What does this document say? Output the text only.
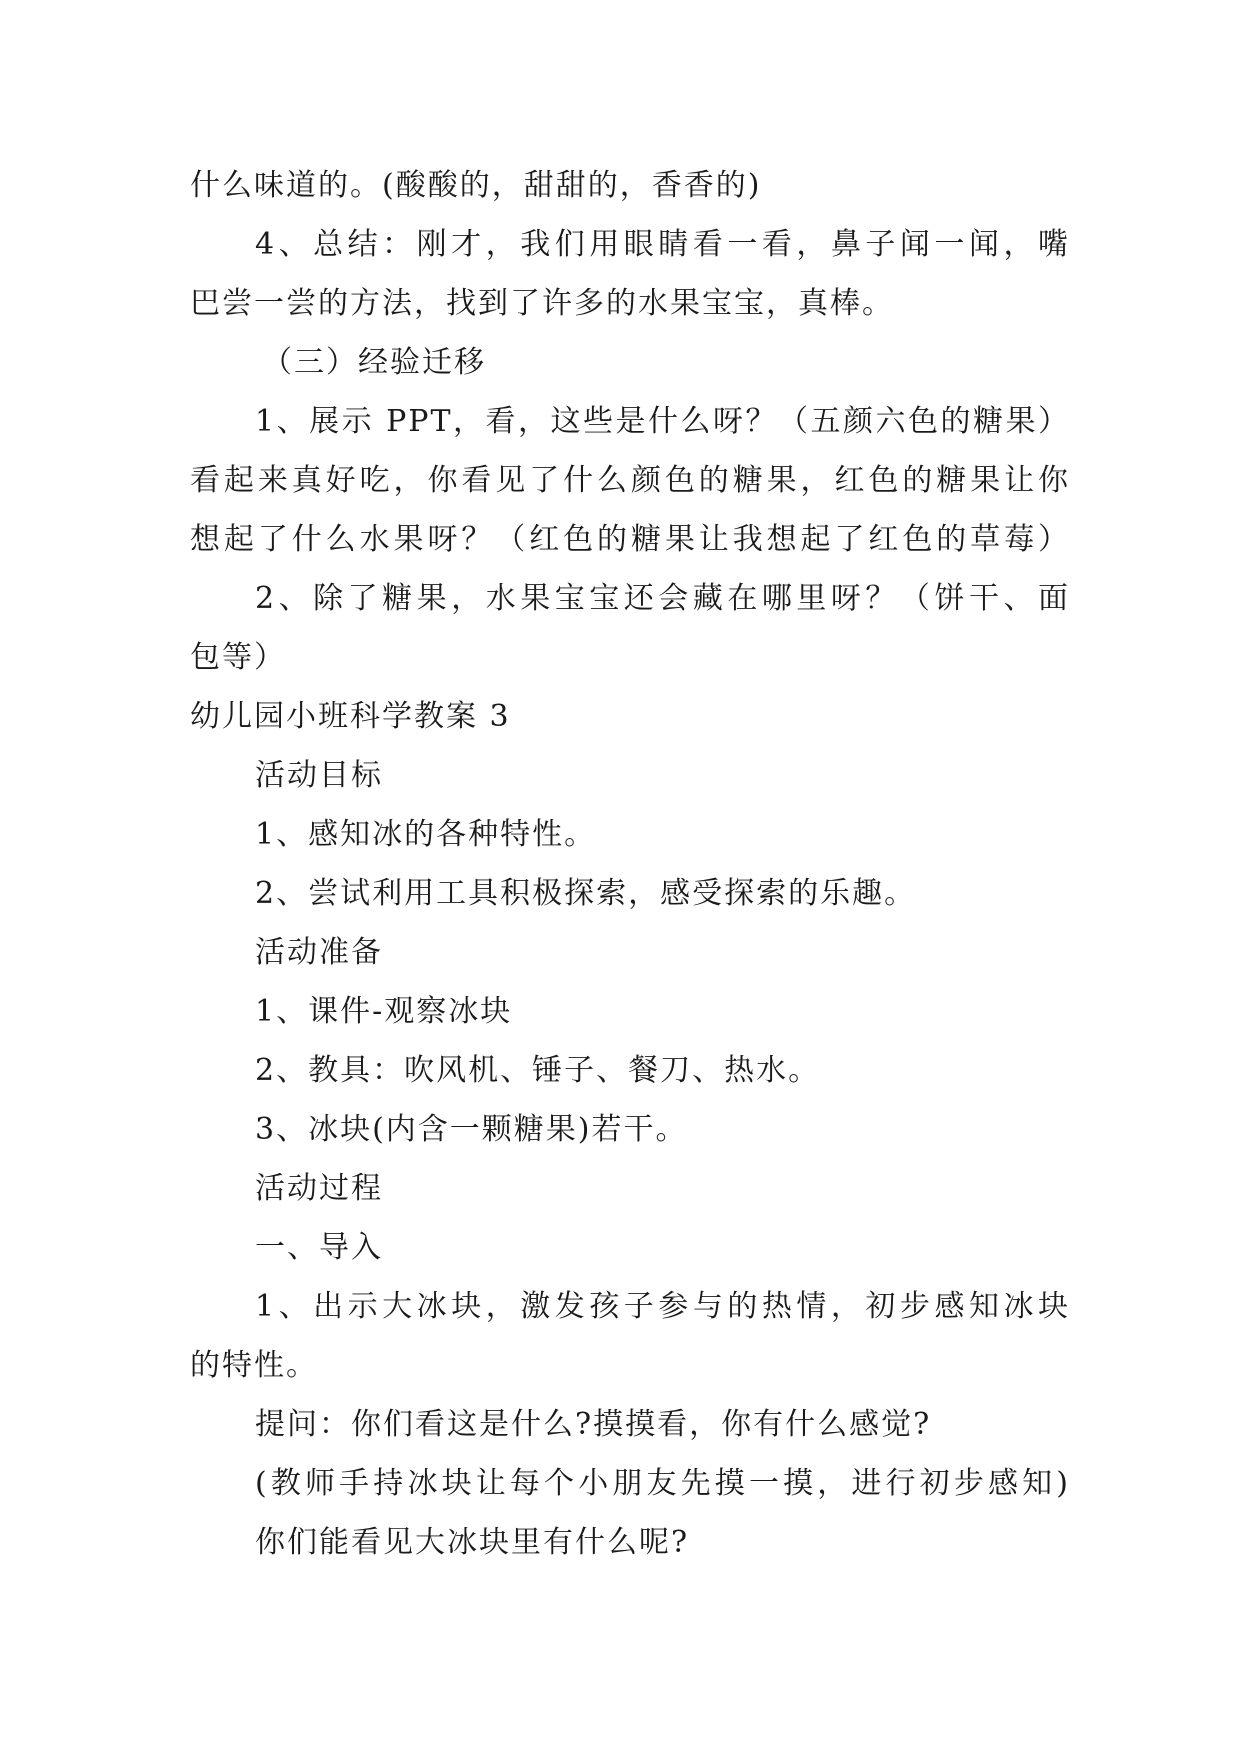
什么味道的。(酸酸的，甜甜的，香香的)
4、总结：刚才，我们用眼睛看一看，鼻子闻一闻，嘴
巴尝一尝的方法，找到了许多的水果宝宝，真棒。
（三）经验迁移
1、展示 PPT，看，这些是什么呀？（五颜六色的糖果）
看起来真好吃，你看见了什么颜色的糖果，红色的糖果让你
想起了什么水果呀？（红色的糖果让我想起了红色的草莓）
2、除了糖果，水果宝宝还会藏在哪里呀？（饼干、面
包等）
幼儿园小班科学教案 3
活动目标
1、感知冰的各种特性。
2、尝试利用工具积极探索，感受探索的乐趣。
活动准备
1、课件-观察冰块
2、教具：吹风机、锤子、餐刀、热水。
3、冰块(内含一颗糖果)若干。
活动过程
一、导入
1、出示大冰块，激发孩子参与的热情，初步感知冰块
的特性。
提问：你们看这是什么?摸摸看，你有什么感觉?
(教师手持冰块让每个小朋友先摸一摸，进行初步感知)
你们能看见大冰块里有什么呢?
